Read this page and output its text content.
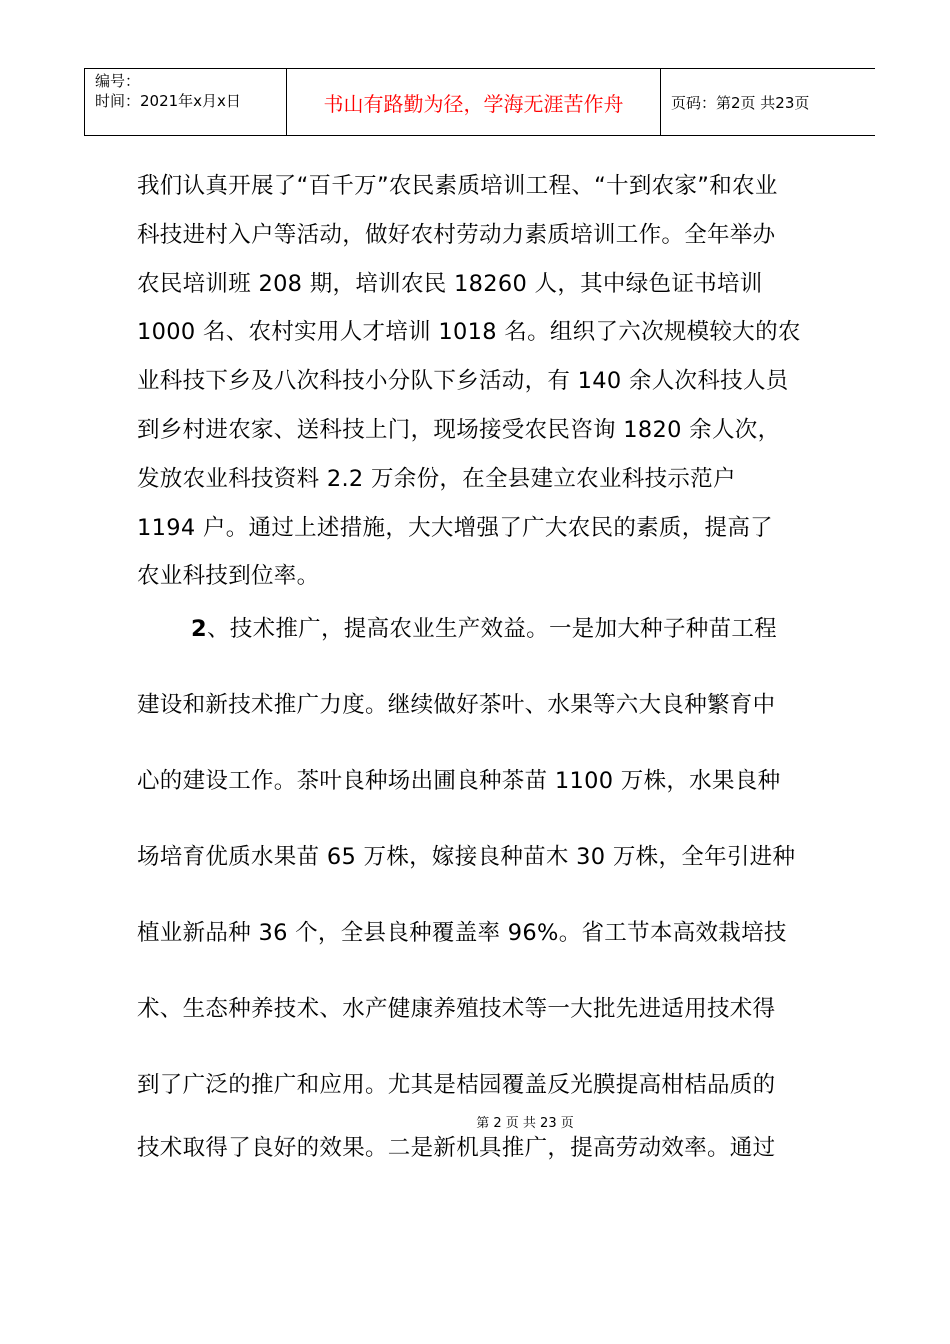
编号：
时间：2021年x月x日	书山有路勤为径，学海无涯苦作舟	页码：第2页 共23页
我们认真开展了“百千万”农民素质培训工程、“十到农家”和农业
科技进村入户等活动，做好农村劳动力素质培训工作。全年举办
农民培训班 208 期，培训农民 18260 人，其中绿色证书培训
1000 名、农村实用人才培训 1018 名。组织了六次规模较大的农
业科技下乡及八次科技小分队下乡活动，有 140 余人次科技人员
到乡村进农家、送科技上门，现场接受农民咨询 1820 余人次，
发放农业科技资料 2.2 万余份，在全县建立农业科技示范户
1194 户。通过上述措施，大大增强了广大农民的素质，提高了
农业科技到位率。
2、技术推广，提高农业生产效益。一是加大种子种苗工程
建设和新技术推广力度。继续做好茶叶、水果等六大良种繁育中
心的建设工作。茶叶良种场出圃良种茶苗 1100 万株，水果良种
场培育优质水果苗 65 万株，嫁接良种苗木 30 万株，全年引进种
植业新品种 36 个，全县良种覆盖率 96%。省工节本高效栽培技
术、生态种养技术、水产健康养殖技术等一大批先进适用技术得
到了广泛的推广和应用。尤其是桔园覆盖反光膜提高柑桔品质的
第 2 页 共 23 页
技术取得了良好的效果。二是新机具推广，提高劳动效率。通过
